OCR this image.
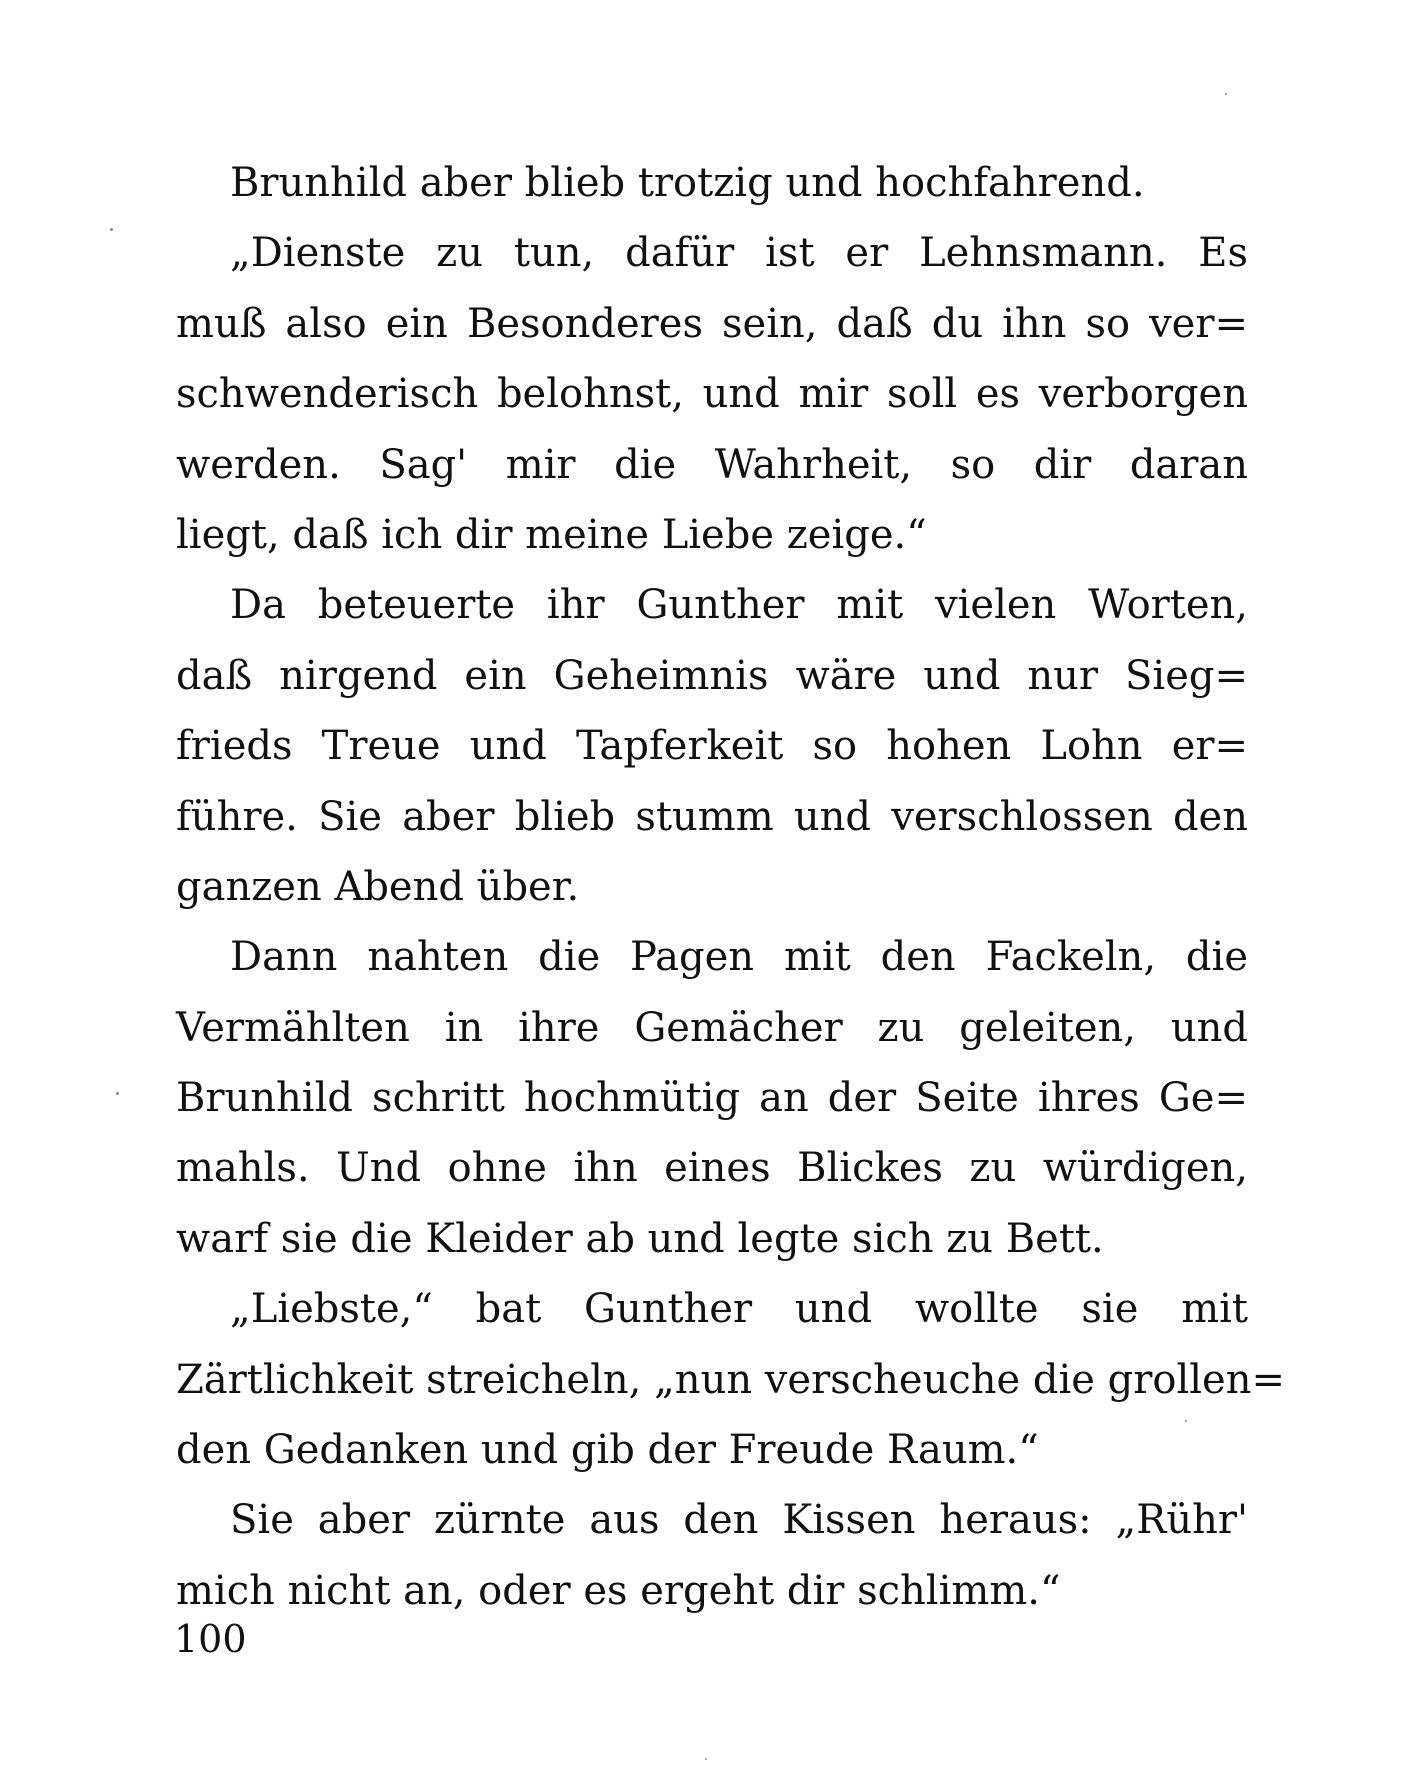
Brunhild aber blieb trotzig und hochfahrend.
„Dienste zu tun, dafür ist er Lehnsmann. Es
muß also ein Besonderes sein, daß du ihn so ver=
schwenderisch belohnst, und mir soll es verborgen
werden. Sag' mir die Wahrheit, so dir daran
liegt, daß ich dir meine Liebe zeige.“
Da beteuerte ihr Gunther mit vielen Worten,
daß nirgend ein Geheimnis wäre und nur Sieg=
frieds Treue und Tapferkeit so hohen Lohn er=
führe. Sie aber blieb stumm und verschlossen den
ganzen Abend über.
Dann nahten die Pagen mit den Fackeln, die
Vermählten in ihre Gemächer zu geleiten, und
Brunhild schritt hochmütig an der Seite ihres Ge=
mahls. Und ohne ihn eines Blickes zu würdigen,
warf sie die Kleider ab und legte sich zu Bett.
„Liebste,“ bat Gunther und wollte sie mit
Zärtlichkeit streicheln, „nun verscheuche die grollen=
den Gedanken und gib der Freude Raum.“
Sie aber zürnte aus den Kissen heraus: „Rühr'
mich nicht an, oder es ergeht dir schlimm.“
100
